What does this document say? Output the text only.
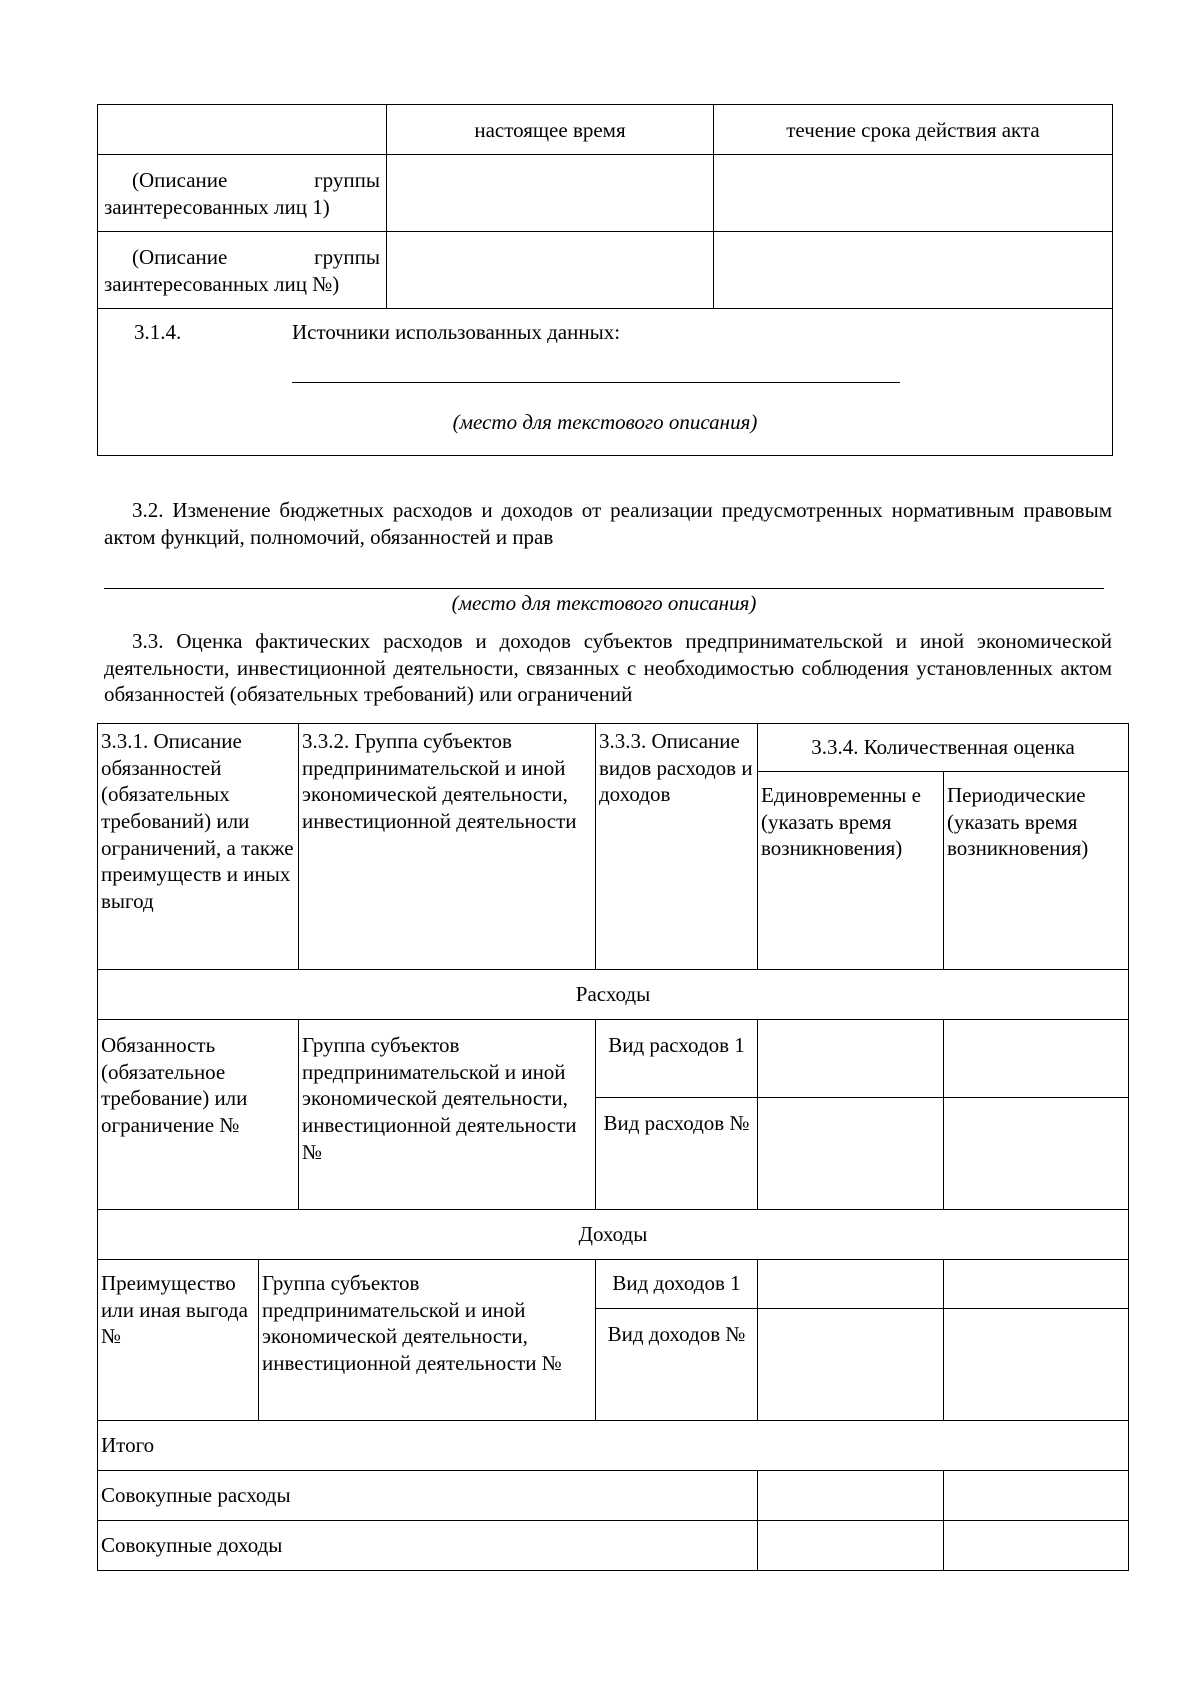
	настоящее время	течение срока действия акта

(Описание группы
заинтересованных лиц 1)		

(Описание группы
заинтересованных лиц №)		

3.1.4. Источники использованных данных:
(место для текстового описания)		
3.2. Изменение бюджетных расходов и доходов от реализации предусмотренных нормативным правовым актом функций, полномочий, обязанностей и прав
(место для текстового описания)
3.3. Оценка фактических расходов и доходов субъектов предпринимательской и иной экономической деятельности, инвестиционной деятельности, связанных с необходимостью соблюдения установленных актом обязанностей (обязательных требований) или ограничений
3.3.1. Описание обязанностей (обязательных требований) или ограничений, а также преимуществ и иных выгод		3.3.2. Группа субъектов предпринимательской и иной экономической деятельности, инвестиционной деятельности	3.3.3. Описание видов расходов и доходов	3.3.4. Количественная оценка	
				Единовременны е (указать время возникновения)	Периодические (указать время возникновения)
Расходы					
Обязанность (обязательное требование) или ограничение №		Группа субъектов предпринимательской и иной экономической деятельности, инвестиционной деятельности №	Вид расходов 1		
			Вид расходов №		
Доходы					
Преимущество или иная выгода №	Группа субъектов предпринимательской и иной экономической деятельности, инвестиционной деятельности №		Вид доходов 1		
			Вид доходов №		
Итого					
Совокупные расходы					
Совокупные доходы					
